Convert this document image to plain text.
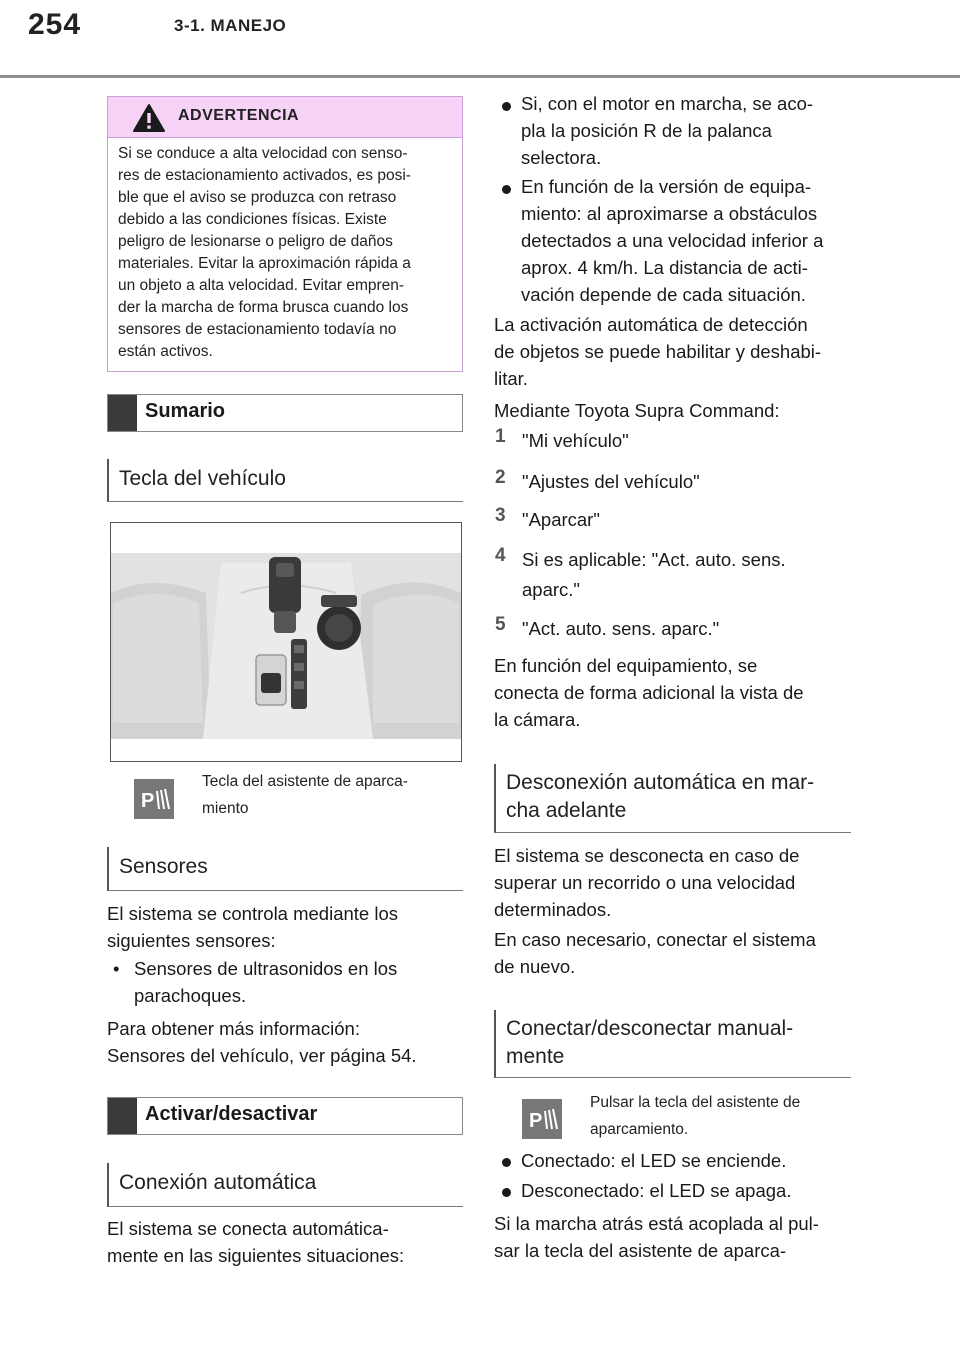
254	3-1. MANEJO
ADVERTENCIA
Si se conduce a alta velocidad con senso-
res de estacionamiento activados, es posi-
ble que el aviso se produzca con retraso
debido a las condiciones físicas. Existe
peligro de lesionarse o peligro de daños
materiales. Evitar la aproximación rápida a
un objeto a alta velocidad. Evitar empren-
der la marcha de forma brusca cuando los
sensores de estacionamiento todavía no
están activos.
Sumario
Tecla del vehículo
P
Tecla del asistente de aparca-
miento
Sensores
El sistema se controla mediante los
siguientes sensores:
• Sensores de ultrasonidos en los
parachoques.
Para obtener más información:
Sensores del vehículo, ver página 54.
Activar/desactivar
Conexión automática
El sistema se conecta automática-
mente en las siguientes situaciones:
Si, con el motor en marcha, se aco-
pla la posición R de la palanca
selectora.
En función de la versión de equipa-
miento: al aproximarse a obstáculos
detectados a una velocidad inferior a
aprox. 4 km/h. La distancia de acti-
vación depende de cada situación.
La activación automática de detección
de objetos se puede habilitar y deshabi-
litar.
Mediante Toyota Supra Command:
1 "Mi vehículo"
2 "Ajustes del vehículo"
3 "Aparcar"
4 Si es aplicable: "Act. auto. sens.
aparc."
5 "Act. auto. sens. aparc."
En función del equipamiento, se
conecta de forma adicional la vista de
la cámara.
Desconexión automática en mar-
cha adelante
El sistema se desconecta en caso de
superar un recorrido o una velocidad
determinados.
En caso necesario, conectar el sistema
de nuevo.
Conectar/desconectar manual-
mente
P
Pulsar la tecla del asistente de
aparcamiento.
Conectado: el LED se enciende.
Desconectado: el LED se apaga.
Si la marcha atrás está acoplada al pul-
sar la tecla del asistente de aparca-
